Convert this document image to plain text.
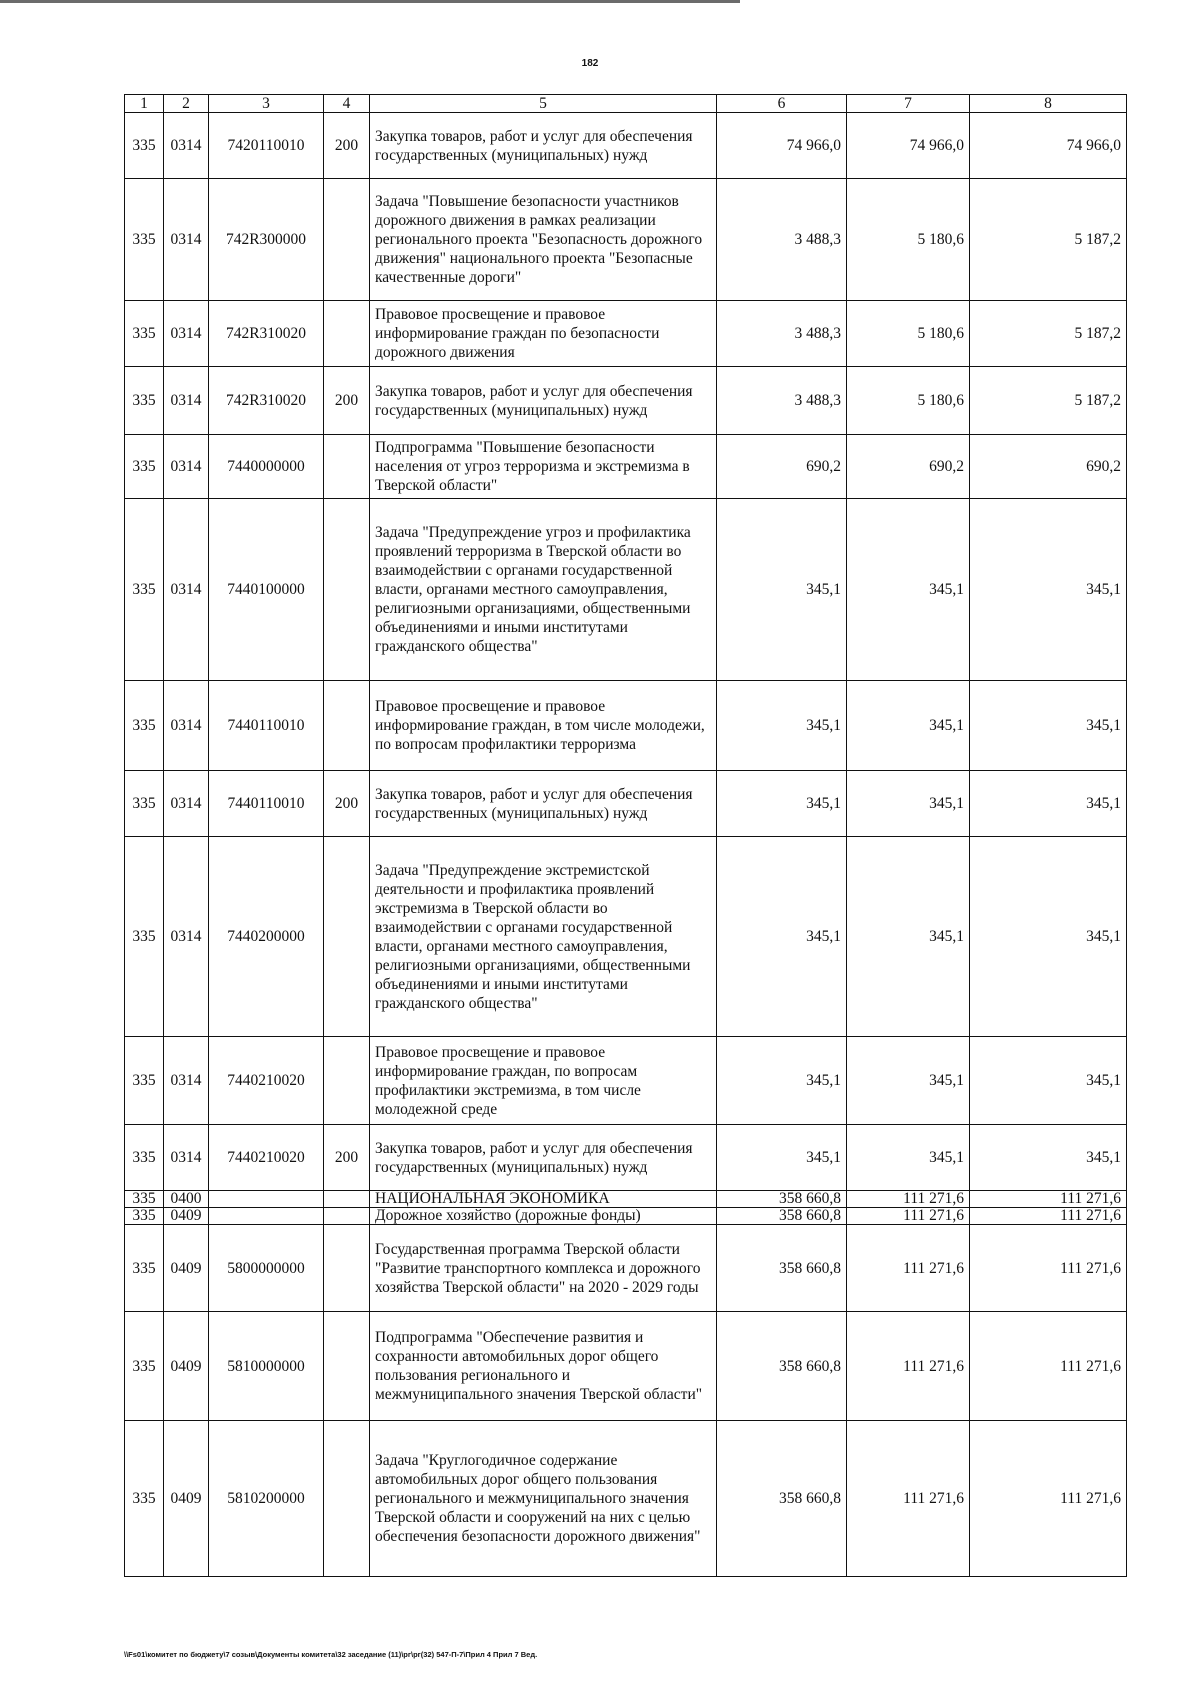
182
1	2	3	4	5	6	7	8
335	0314	7420110010	200	Закупка товаров, работ и услуг для обеспечения государственных (муниципальных) нужд	74 966,0	74 966,0	74 966,0
335	0314	742R300000		Задача "Повышение безопасности участников дорожного движения в рамках реализации регионального проекта "Безопасность дорожного движения" национального проекта "Безопасные качественные дороги"	3 488,3	5 180,6	5 187,2
335	0314	742R310020		Правовое просвещение и правовое информирование граждан по безопасности дорожного движения	3 488,3	5 180,6	5 187,2
335	0314	742R310020	200	Закупка товаров, работ и услуг для обеспечения государственных (муниципальных) нужд	3 488,3	5 180,6	5 187,2
335	0314	7440000000		Подпрограмма "Повышение безопасности населения от угроз терроризма и экстремизма в Тверской области"	690,2	690,2	690,2
335	0314	7440100000		Задача "Предупреждение угроз и профилактика проявлений терроризма в Тверской области во взаимодействии с органами государственной власти, органами местного самоуправления, религиозными организациями, общественными объединениями и иными институтами гражданского общества"	345,1	345,1	345,1
335	0314	7440110010		Правовое просвещение и правовое информирование граждан, в том числе молодежи, по вопросам профилактики терроризма	345,1	345,1	345,1
335	0314	7440110010	200	Закупка товаров, работ и услуг для обеспечения государственных (муниципальных) нужд	345,1	345,1	345,1
335	0314	7440200000		Задача "Предупреждение экстремистской деятельности и профилактика проявлений экстремизма в Тверской области во взаимодействии с органами государственной власти, органами местного самоуправления, религиозными организациями, общественными объединениями и иными институтами гражданского общества"	345,1	345,1	345,1
335	0314	7440210020		Правовое просвещение и правовое информирование граждан, по вопросам профилактики экстремизма, в том числе молодежной среде	345,1	345,1	345,1
335	0314	7440210020	200	Закупка товаров, работ и услуг для обеспечения государственных (муниципальных) нужд	345,1	345,1	345,1
335	0400			НАЦИОНАЛЬНАЯ ЭКОНОМИКА	358 660,8	111 271,6	111 271,6
335	0409			Дорожное хозяйство (дорожные фонды)	358 660,8	111 271,6	111 271,6
335	0409	5800000000		Государственная программа Тверской области "Развитие транспортного комплекса и дорожного хозяйства Тверской области" на 2020 - 2029 годы	358 660,8	111 271,6	111 271,6
335	0409	5810000000		Подпрограмма "Обеспечение развития и сохранности автомобильных дорог общего пользования регионального и межмуниципального значения Тверской области"	358 660,8	111 271,6	111 271,6
335	0409	5810200000		Задача "Круглогодичное содержание автомобильных дорог общего пользования регионального и межмуниципального значения Тверской области и сооружений на них с целью обеспечения безопасности дорожного движения"	358 660,8	111 271,6	111 271,6
\\Fs01\комитет по бюджету\7 созыв\Документы комитета\32 заседание (11)\рг\рг(32) 547-П-7\Прил 4 Прил 7 Вед.
